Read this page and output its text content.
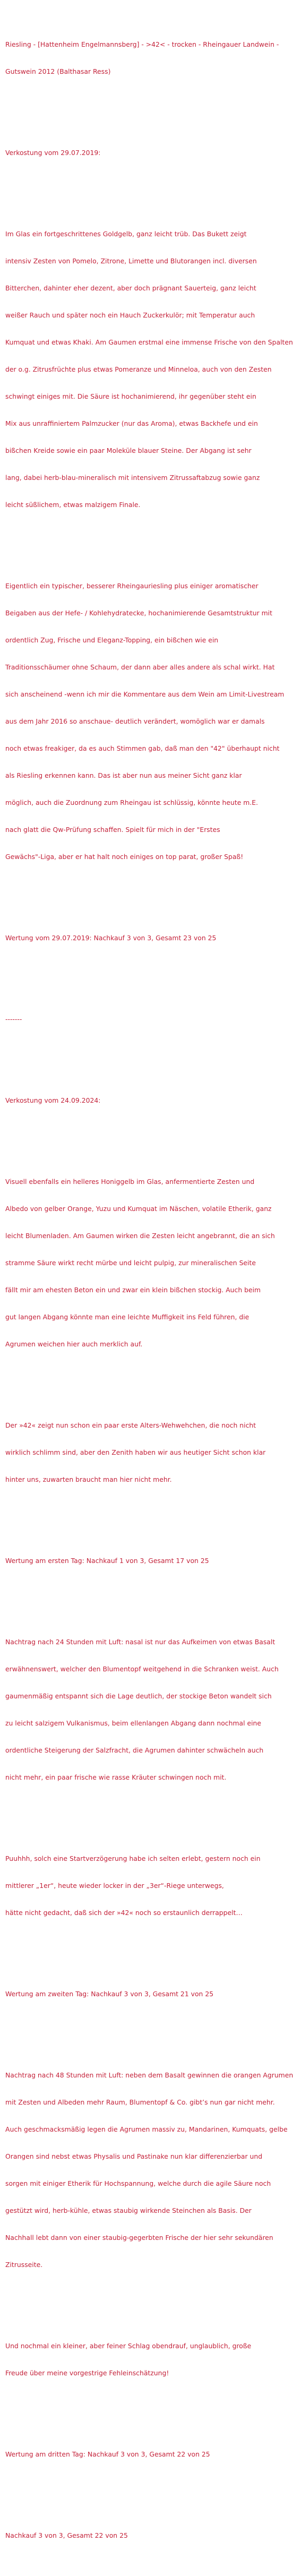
Riesling - [Hattenheim Engelmannsberg] - >42< - trocken - Rheingauer Landwein -

Gutswein 2012 (Balthasar Ress)

Verkostung vom 29.07.2019:

Im Glas ein fortgeschrittenes Goldgelb, ganz leicht trüb. Das Bukett zeigt

intensiv Zesten von Pomelo, Zitrone, Limette und Blutorangen incl. diversen

Bitterchen, dahinter eher dezent, aber doch prägnant Sauerteig, ganz leicht

weißer Rauch und später noch ein Hauch Zuckerkulör; mit Temperatur auch

Kumquat und etwas Khaki. Am Gaumen erstmal eine immense Frische von den Spalten

der o.g. Zitrusfrüchte plus etwas Pomeranze und Minneloa, auch von den Zesten

schwingt einiges mit. Die Säure ist hochanimierend, ihr gegenüber steht ein

Mix aus unraffiniertem Palmzucker (nur das Aroma), etwas Backhefe und ein

bißchen Kreide sowie ein paar Moleküle blauer Steine. Der Abgang ist sehr

lang, dabei herb-blau-mineralisch mit intensivem Zitrussaftabzug sowie ganz

leicht süßlichem, etwas malzigem Finale.

Eigentlich ein typischer, besserer Rheingauriesling plus einiger aromatischer

Beigaben aus der Hefe- / Kohlehydratecke, hochanimierende Gesamtstruktur mit

ordentlich Zug, Frische und Eleganz-Topping, ein bißchen wie ein

Traditionsschäumer ohne Schaum, der dann aber alles andere als schal wirkt. Hat

sich anscheinend -wenn ich mir die Kommentare aus dem Wein am Limit-Livestream

aus dem Jahr 2016 so anschaue- deutlich verändert, womöglich war er damals

noch etwas freakiger, da es auch Stimmen gab, daß man den "42" überhaupt nicht

als Riesling erkennen kann. Das ist aber nun aus meiner Sicht ganz klar

möglich, auch die Zuordnung zum Rheingau ist schlüssig, könnte heute m.E.

nach glatt die Qw-Prüfung schaffen. Spielt für mich in der "Erstes

Gewächs"-Liga, aber er hat halt noch einiges on top parat, großer Spaß!

Wertung vom 29.07.2019: Nachkauf 3 von 3, Gesamt 23 von 25

-------

Verkostung vom 24.09.2024:

Visuell ebenfalls ein helleres Honiggelb im Glas, anfermentierte Zesten und

Albedo von gelber Orange, Yuzu und Kumquat im Näschen, volatile Etherik, ganz

leicht Blumenladen. Am Gaumen wirken die Zesten leicht angebrannt, die an sich

stramme Säure wirkt recht mürbe und leicht pulpig, zur mineralischen Seite

fällt mir am ehesten Beton ein und zwar ein klein bißchen stockig. Auch beim

gut langen Abgang könnte man eine leichte Muffigkeit ins Feld führen, die

Agrumen weichen hier auch merklich auf.

Der »42« zeigt nun schon ein paar erste Alters-Wehwehchen, die noch nicht

wirklich schlimm sind, aber den Zenith haben wir aus heutiger Sicht schon klar

hinter uns, zuwarten braucht man hier nicht mehr.

Wertung am ersten Tag: Nachkauf 1 von 3, Gesamt 17 von 25

Nachtrag nach 24 Stunden mit Luft: nasal ist nur das Aufkeimen von etwas Basalt

erwähnenswert, welcher den Blumentopf weitgehend in die Schranken weist. Auch

gaumenmäßig entspannt sich die Lage deutlich, der stockige Beton wandelt sich

zu leicht salzigem Vulkanismus, beim ellenlangen Abgang dann nochmal eine

ordentliche Steigerung der Salzfracht, die Agrumen dahinter schwächeln auch

nicht mehr, ein paar frische wie rasse Kräuter schwingen noch mit.

Puuhhh, solch eine Startverzögerung habe ich selten erlebt, gestern noch ein

mittlerer „1er“, heute wieder locker in der „3er“-Riege unterwegs,

hätte nicht gedacht, daß sich der »42« noch so erstaunlich derrappelt…

Wertung am zweiten Tag: Nachkauf 3 von 3, Gesamt 21 von 25

Nachtrag nach 48 Stunden mit Luft: neben dem Basalt gewinnen die orangen Agrumen

mit Zesten und Albeden mehr Raum, Blumentopf & Co. gibt’s nun gar nicht mehr.

Auch geschmacksmäßig legen die Agrumen massiv zu, Mandarinen, Kumquats, gelbe

Orangen sind nebst etwas Physalis und Pastinake nun klar differenzierbar und

sorgen mit einiger Etherik für Hochspannung, welche durch die agile Säure noch

gestützt wird, herb-kühle, etwas staubig wirkende Steinchen als Basis. Der

Nachhall lebt dann von einer staubig-gegerbten Frische der hier sehr sekundären

Zitrusseite.

Und nochmal ein kleiner, aber feiner Schlag obendrauf, unglaublich, große

Freude über meine vorgestrige Fehleinschätzung!

Wertung am dritten Tag: Nachkauf 3 von 3, Gesamt 22 von 25

Nachkauf 3 von 3, Gesamt 22 von 25
